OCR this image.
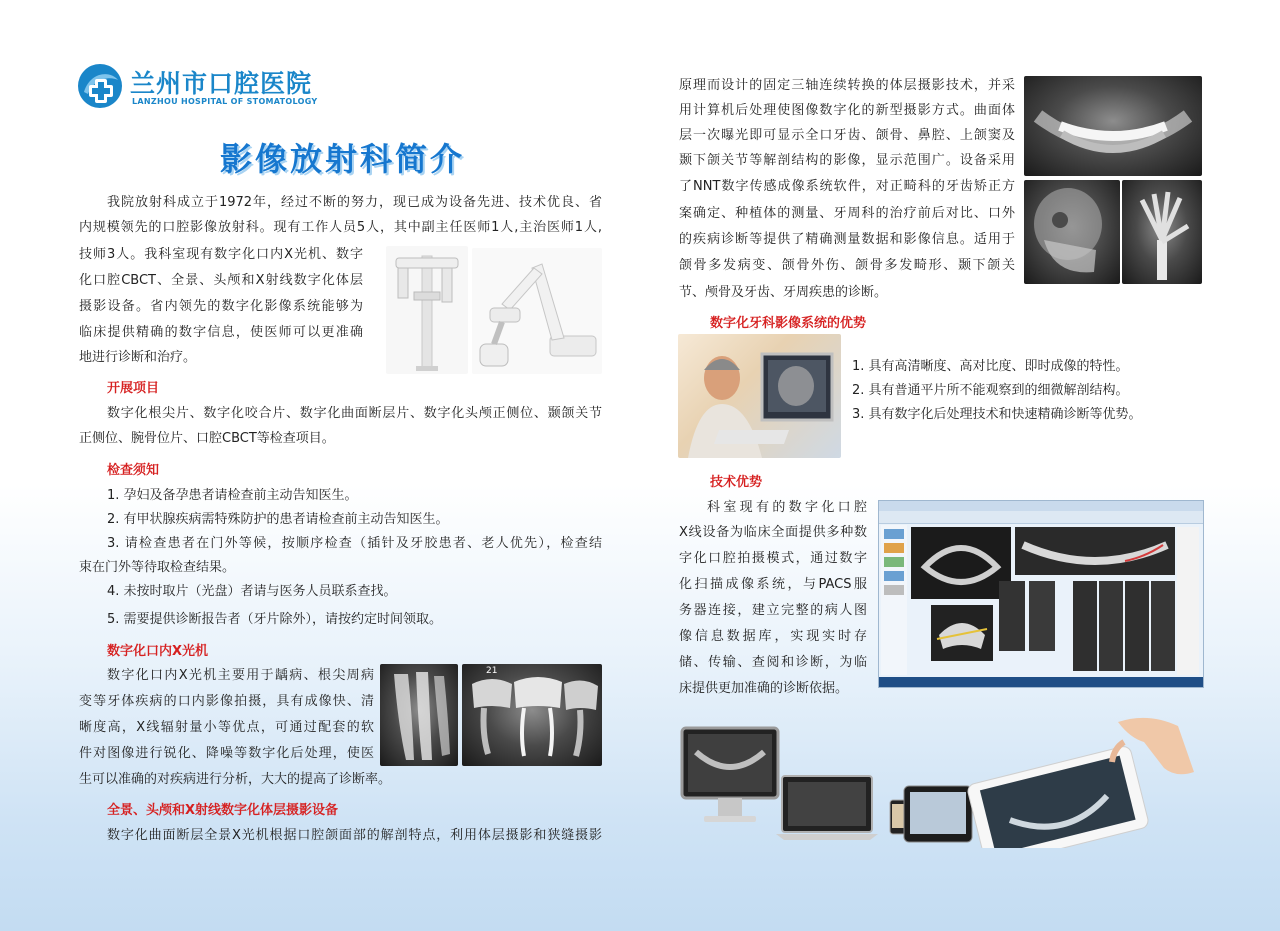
兰州市口腔医院
LANZHOU HOSPITAL OF STOMATOLOGY
影像放射科简介
我院放射科成立于1972年，经过不断的努力，现已成为设备先进、技术优良、省
内规模领先的口腔影像放射科。现有工作人员5人，其中副主任医师1人,主治医师1人,
技师3人。我科室现有数字化口内X光机、数字
化口腔CBCT、全景、头颅和X射线数字化体层
摄影设备。省内领先的数字化影像系统能够为
临床提供精确的数字信息，使医师可以更准确
地进行诊断和治疗。
开展项目
数字化根尖片、数字化咬合片、数字化曲面断层片、数字化头颅正侧位、颞颌关节
正侧位、腕骨位片、口腔CBCT等检查项目。
检查须知
1. 孕妇及备孕患者请检查前主动告知医生。
2. 有甲状腺疾病需特殊防护的患者请检查前主动告知医生。
3. 请检查患者在门外等候，按顺序检查（插针及牙胶患者、老人优先），检查结
束在门外等待取检查结果。
4. 未按时取片（光盘）者请与医务人员联系查找。
5. 需要提供诊断报告者（牙片除外），请按约定时间领取。
数字化口内X光机
数字化口内X光机主要用于龋病、根尖周病
变等牙体疾病的口内影像拍摄，具有成像快、清
晰度高，X线辐射量小等优点，可通过配套的软
件对图像进行锐化、降噪等数字化后处理，使医
生可以准确的对疾病进行分析，大大的提高了诊断率。
21
全景、头颅和X射线数字化体层摄影设备
数字化曲面断层全景X光机根据口腔颌面部的解剖特点，利用体层摄影和狭缝摄影
原理而设计的固定三轴连续转换的体层摄影技术，并采
用计算机后处理使图像数字化的新型摄影方式。曲面体
层一次曝光即可显示全口牙齿、颌骨、鼻腔、上颌窦及
颞下颌关节等解剖结构的影像，显示范围广。设备采用
了NNT数字传感成像系统软件，对正畸科的牙齿矫正方
案确定、种植体的测量、牙周科的治疗前后对比、口外
的疾病诊断等提供了精确测量数据和影像信息。适用于
颌骨多发病变、颌骨外伤、颌骨多发畸形、颞下颌关
节、颅骨及牙齿、牙周疾患的诊断。
数字化牙科影像系统的优势
1. 具有高清晰度、高对比度、即时成像的特性。
2. 具有普通平片所不能观察到的细微解剖结构。
3. 具有数字化后处理技术和快速精确诊断等优势。
技术优势
科室现有的数字化口腔
X线设备为临床全面提供多种数
字化口腔拍摄模式，通过数字
化扫描成像系统，与PACS服
务器连接，建立完整的病人图
像信息数据库，实现实时存
储、传输、查阅和诊断，为临
床提供更加准确的诊断依据。
